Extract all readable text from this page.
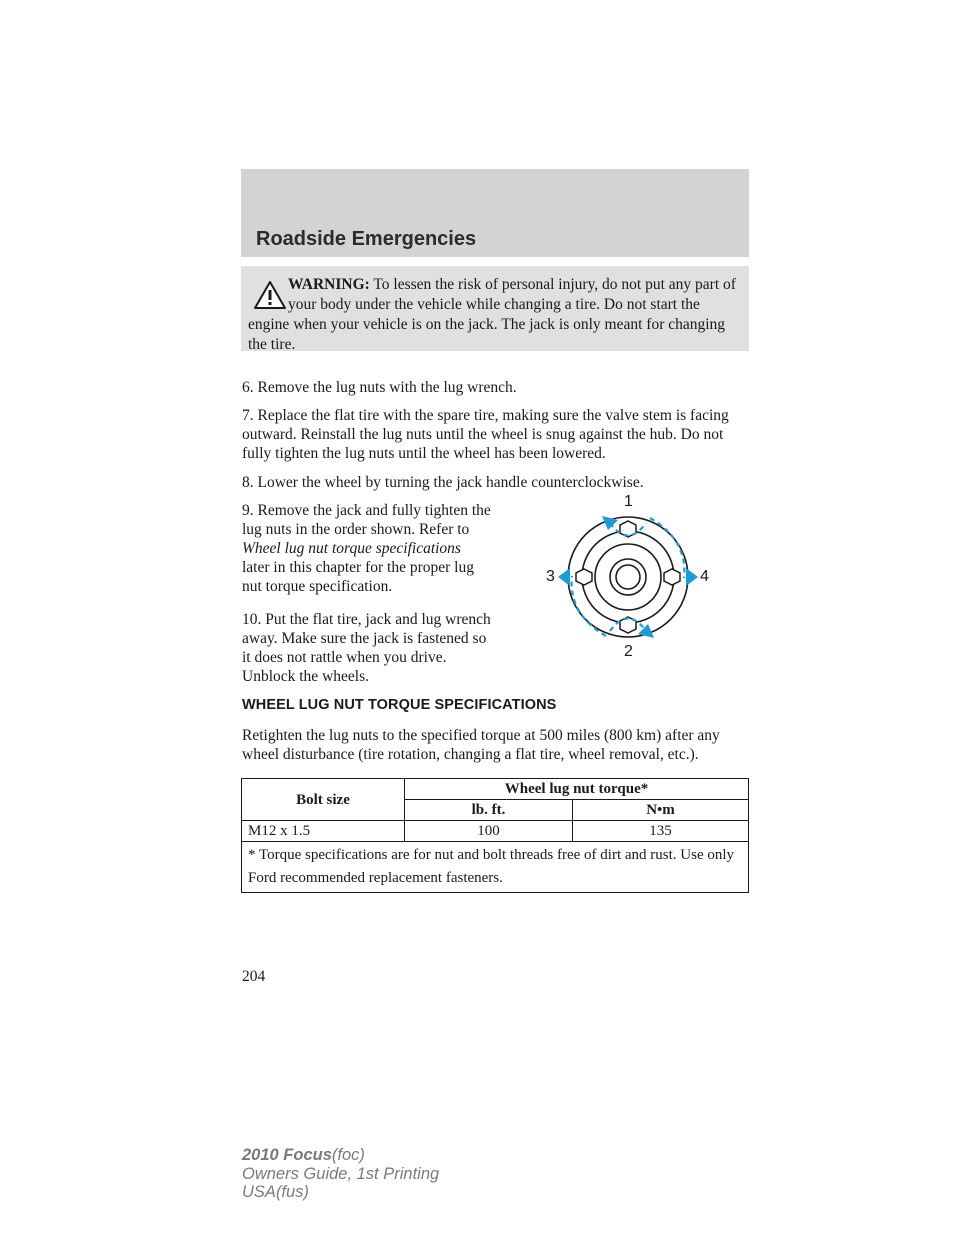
Roadside Emergencies
WARNING: To lessen the risk of personal injury, do not put any part of your body under the vehicle while changing a tire. Do not start the engine when your vehicle is on the jack. The jack is only meant for changing the tire.
6. Remove the lug nuts with the lug wrench.
7. Replace the flat tire with the spare tire, making sure the valve stem is facing outward. Reinstall the lug nuts until the wheel is snug against the hub. Do not fully tighten the lug nuts until the wheel has been lowered.
8. Lower the wheel by turning the jack handle counterclockwise.
9. Remove the jack and fully tighten the lug nuts in the order shown. Refer to Wheel lug nut torque specifications later in this chapter for the proper lug nut torque specification.
10. Put the flat tire, jack and lug wrench away. Make sure the jack is fastened so it does not rattle when you drive. Unblock the wheels.
1
2
3	4
WHEEL LUG NUT TORQUE SPECIFICATIONS
Retighten the lug nuts to the specified torque at 500 miles (800 km) after any wheel disturbance (tire rotation, changing a flat tire, wheel removal, etc.).
Bolt size	Wheel lug nut torque*	
	lb. ft.	N•m
M12 x 1.5	100	135
* Torque specifications are for nut and bolt threads free of dirt and rust. Use only Ford recommended replacement fasteners.		
204
2010 Focus(foc)
Owners Guide, 1st Printing
USA(fus)
